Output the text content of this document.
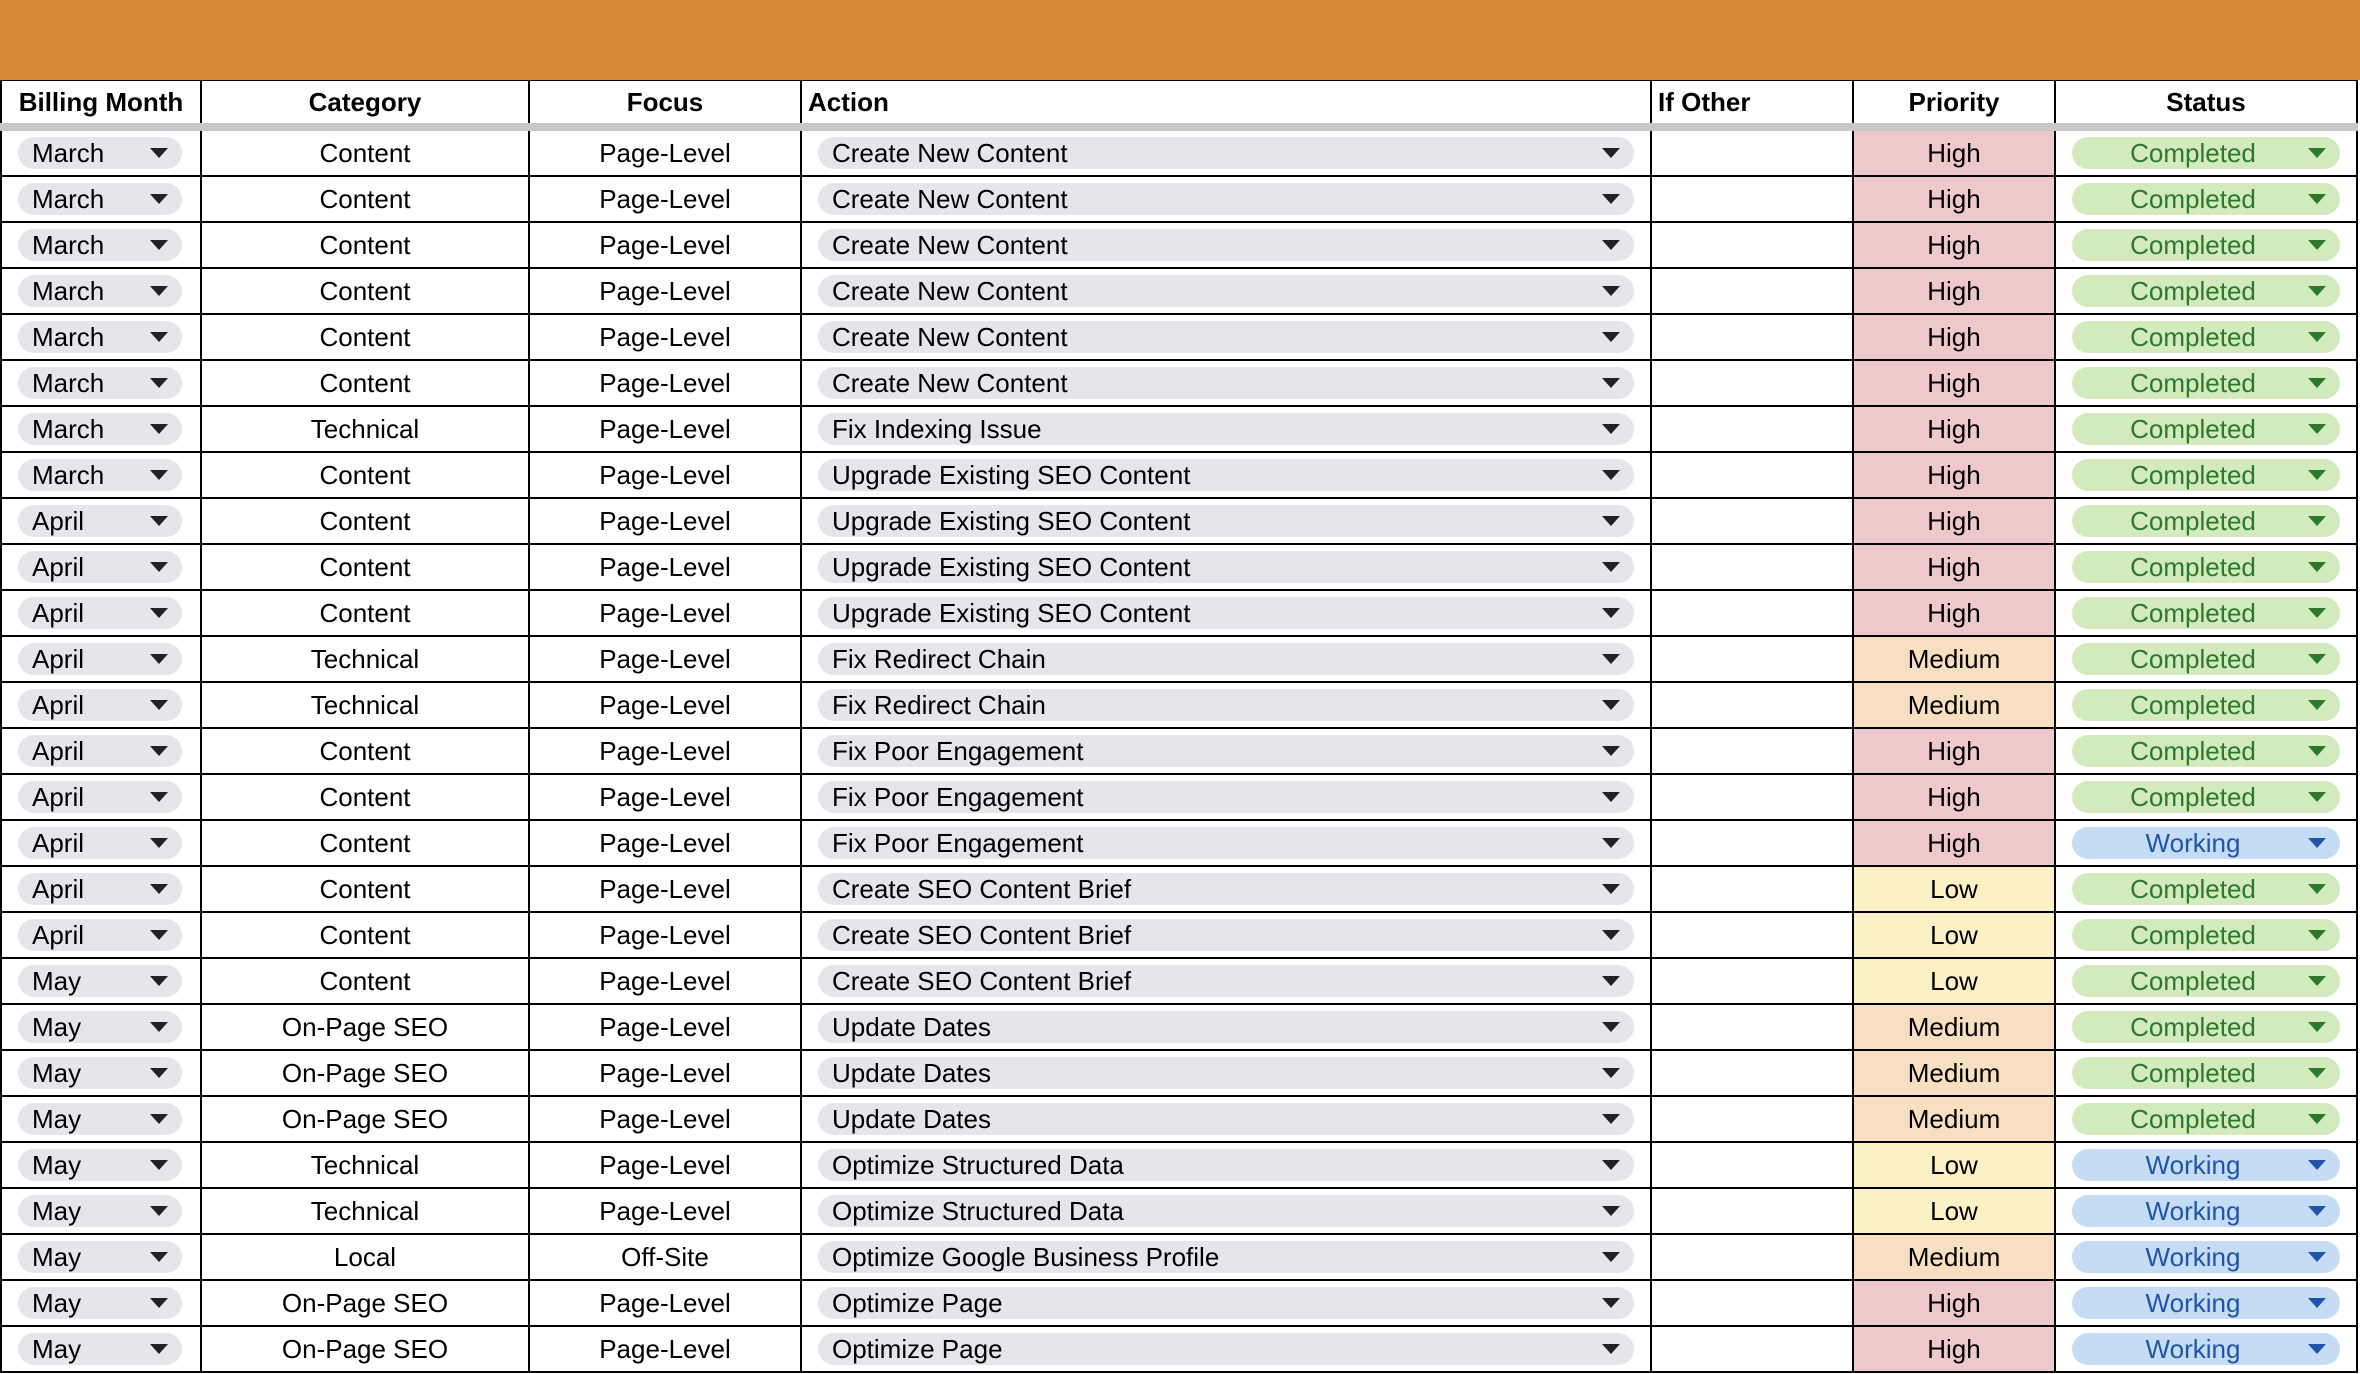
Billing Month	Category	Focus	Action	If Other	Priority	Status

March	Content	Page-Level	Create New Content		High	Completed

March	Content	Page-Level	Create New Content		High	Completed

March	Content	Page-Level	Create New Content		High	Completed

March	Content	Page-Level	Create New Content		High	Completed

March	Content	Page-Level	Create New Content		High	Completed

March	Content	Page-Level	Create New Content		High	Completed

March	Technical	Page-Level	Fix Indexing Issue		High	Completed

March	Content	Page-Level	Upgrade Existing SEO Content		High	Completed

April	Content	Page-Level	Upgrade Existing SEO Content		High	Completed

April	Content	Page-Level	Upgrade Existing SEO Content		High	Completed

April	Content	Page-Level	Upgrade Existing SEO Content		High	Completed

April	Technical	Page-Level	Fix Redirect Chain		Medium	Completed

April	Technical	Page-Level	Fix Redirect Chain		Medium	Completed

April	Content	Page-Level	Fix Poor Engagement		High	Completed

April	Content	Page-Level	Fix Poor Engagement		High	Completed

April	Content	Page-Level	Fix Poor Engagement		High	Working

April	Content	Page-Level	Create SEO Content Brief		Low	Completed

April	Content	Page-Level	Create SEO Content Brief		Low	Completed

May	Content	Page-Level	Create SEO Content Brief		Low	Completed

May	On-Page SEO	Page-Level	Update Dates		Medium	Completed

May	On-Page SEO	Page-Level	Update Dates		Medium	Completed

May	On-Page SEO	Page-Level	Update Dates		Medium	Completed

May	Technical	Page-Level	Optimize Structured Data		Low	Working

May	Technical	Page-Level	Optimize Structured Data		Low	Working

May	Local	Off-Site	Optimize Google Business Profile		Medium	Working

May	On-Page SEO	Page-Level	Optimize Page		High	Working

May	On-Page SEO	Page-Level	Optimize Page		High	Working
